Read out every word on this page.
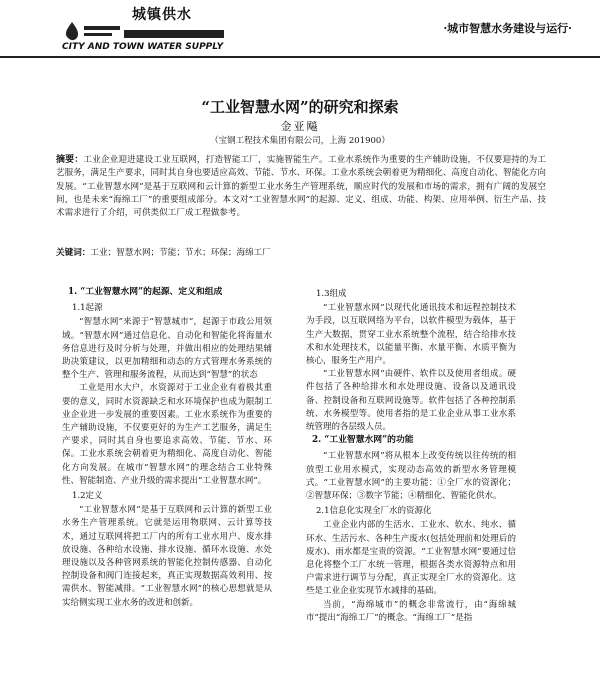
城镇供水
CITY AND TOWN WATER SUPPLY
·城市智慧水务建设与运行·
“工业智慧水网”的研究和探索
金亚飚
（宝钢工程技术集团有限公司，上海 201900）
摘要：工业企业迎进建设工业互联网，打造智能工厂，实施智能生产。工业水系统作为重要的生产辅助设施，不仅要迎持的为工艺服务，满足生产要求，同时其自身也要适应高效、节能、节水、环保。工业水系统会朝着更为精细化、高度自动化、智能化方向发展。“工业智慧水网”是基于互联网和云计算的新型工业水务生产管理系统，顺应时代的发展和市场的需求，拥有广阔的发展空间，也是未来“海绵工厂”的重要组成部分。本文对“工业智慧水网”的起源、定义、组成、功能、构架、应用举例、衍生产品、技术需求进行了介绍，可供类似工厂成工程做参考。
关键词：工业；智慧水网；节能；节水；环保；海绵工厂

1. “工业智慧水网”的起源、定义和组成

1.1起源

“智慧水网”来源于“智慧城市”，起源于市政公用领域。“智慧水网”通过信息化、自动化和智能化将海量水务信息进行及时分析与处理，并做出相应的处理结果辅助决策建议，以更加精细和动态的方式管理水务系统的整个生产、管理和服务流程，从而达到“智慧”的状态

工业是用水大户，水资源对于工业企业有着极其重要的意义，同时水资源缺乏和水环境保护也成为限制工业企业进一步发展的重要因素。工业水系统作为重要的生产辅助设施，不仅要更好的为生产工艺服务，满足生产要求，同时其自身也要追求高效、节能、节水、环保。工业水系统会朝着更为精细化、高度自动化、智能化方向发展。在城市“智慧水网”的理念结合工业特殊性、智能制造、产业升级的需求提出“工业智慧水网”。

1.2定义

“工业智慧水网”是基于互联网和云计算的新型工业水务生产管理系统。它就是运用物联网、云计算等技术，通过互联网将把工厂内的所有工业水用户、废水排放设施、各种给水设施、排水设施、循环水设施、水处理设施以及各种管网系统的智能化控制传感器、自动化控制设备和阀门连接起来，真正实现数据高效利用、按需供水、智能减排。“工业智慧水网”的核心思想就是从实给侧实现工业水务的改进和创新。

1.3组成

“工业智慧水网”以现代化通讯技术和远程控制技术为手段，以互联网络为平台，以软件模型为载体，基于生产大数据，贯穿工业水系统整个流程，结合给排水技术和水处理技术，以能量平衡、水量平衡、水质平衡为核心，服务生产用户。

“工业智慧水网”由硬件、软件以及使用者组成。硬件包括了各种给排水和水处理设施、设备以及通讯设备、控制设备和互联网设施等。软件包括了各种控制系统、水务模型等。使用者指的是工业企业从事工业水系统管理的各层级人员。

2. “工业智慧水网”的功能

“工业智慧水网”将从根本上改变传统以往传统的相放型工业用水模式，实现动态高效的新型水务管理模式。“工业智慧水网”的主要功能：①全厂水的资源化；②智慧环保；③数字节能；④精细化、智能化供水。

2.1信息化实现全厂水的资源化

工业企业内部的生活水、工业水、软水、纯水、循环水、生活污水、各种生产废水(包括处理前和处理后的废水)、雨水都是宝贵的资源。“工业智慧水网”要通过信息化将整个工厂水统一管理，根据各类水资源特点和用户需求进行调节与分配，真正实现全厂水的资源化。这些是工业企业实现节水减排的基础。

当前，“海绵城市”的概念非常流行，由“海绵城市”提出“海绵工厂”的概念。“海绵工厂”是指
